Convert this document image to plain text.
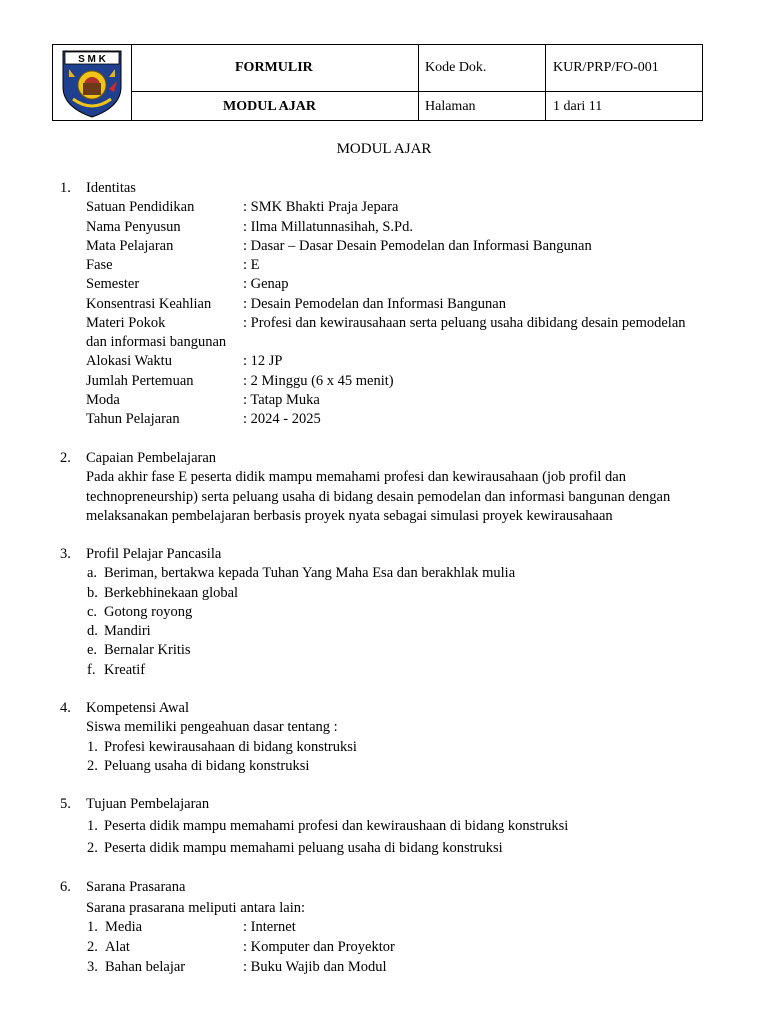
S M K
FORMULIR	Kode Dok.	KUR/PRP/FO-001
MODUL AJAR	Halaman	1 dari 11
MODUL AJAR
1. Identitas
Satuan Pendidikan	: SMK Bhakti Praja Jepara
Nama Penyusun	: Ilma Millatunnasihah, S.Pd.
Mata Pelajaran	: Dasar – Dasar Desain Pemodelan dan Informasi Bangunan
Fase	: E
Semester	: Genap
Konsentrasi Keahlian : Desain Pemodelan dan Informasi Bangunan
Materi Pokok	: Profesi dan kewirausahaan serta peluang usaha dibidang desain pemodelan
dan informasi bangunan
Alokasi Waktu	: 12 JP
Jumlah Pertemuan	: 2 Minggu (6 x 45 menit)
Moda	: Tatap Muka
Tahun Pelajaran	: 2024 - 2025
2. Capaian Pembelajaran
Pada akhir fase E peserta didik mampu memahami profesi dan kewirausahaan (job profil dan
technopreneurship) serta peluang usaha di bidang desain pemodelan dan informasi bangunan dengan
melaksanakan pembelajaran berbasis proyek nyata sebagai simulasi proyek kewirausahaan
3. Profil Pelajar Pancasila
a. Beriman, bertakwa kepada Tuhan Yang Maha Esa dan berakhlak mulia
b. Berkebhinekaan global
c. Gotong royong
d. Mandiri
e. Bernalar Kritis
f. Kreatif
4. Kompetensi Awal
Siswa memiliki pengeahuan dasar tentang :
1. Profesi kewirausahaan di bidang konstruksi
2. Peluang usaha di bidang konstruksi
5. Tujuan Pembelajaran
1. Peserta didik mampu memahami profesi dan kewiraushaan di bidang konstruksi
2. Peserta didik mampu memahami peluang usaha di bidang konstruksi
6. Sarana Prasarana
Sarana prasarana meliputi antara lain:
1. Media	: Internet
2. Alat	: Komputer dan Proyektor
3. Bahan belajar	: Buku Wajib dan Modul
